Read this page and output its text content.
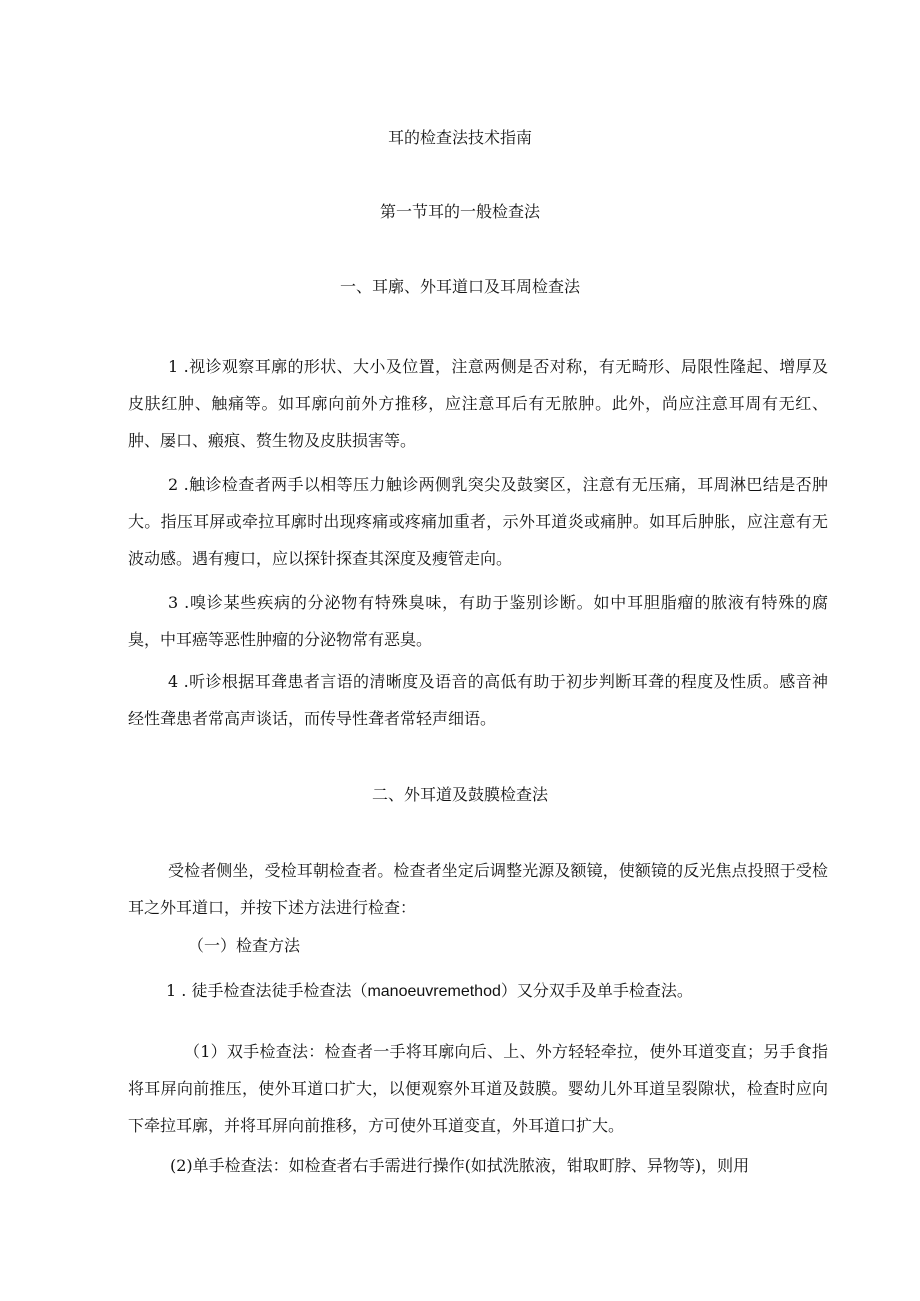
耳的检查法技术指南
第一节耳的一般检查法
一、耳廓、外耳道口及耳周检查法

1 .视诊观察耳廓的形状、大小及位置，注意两侧是否对称，有无畸形、局限性隆起、增厚及皮肤红肿、触痛等。如耳廓向前外方推移，应注意耳后有无脓肿。此外，尚应注意耳周有无红、肿、屡口、瘢痕、赘生物及皮肤损害等。

2 .触诊检查者两手以相等压力触诊两侧乳突尖及鼓窦区，注意有无压痛，耳周淋巴结是否肿大。指压耳屏或牵拉耳廓时出现疼痛或疼痛加重者，示外耳道炎或痛肿。如耳后肿胀，应注意有无波动感。遇有瘦口，应以探针探查其深度及瘦管走向。

3 .嗅诊某些疾病的分泌物有特殊臭味，有助于鉴别诊断。如中耳胆脂瘤的脓液有特殊的腐臭，中耳癌等恶性肿瘤的分泌物常有恶臭。

4 .听诊根据耳聋患者言语的清晰度及语音的高低有助于初步判断耳聋的程度及性质。感音神经性聋患者常高声谈话，而传导性聋者常轻声细语。

二、外耳道及鼓膜检查法

受检者侧坐，受检耳朝检查者。检查者坐定后调整光源及额镜，使额镜的反光焦点投照于受检耳之外耳道口，并按下述方法进行检查：

（一）检查方法
1 . 徒手检查法徒手检查法（manoeuvremethod）又分双手及单手检查法。

（1）双手检查法：检查者一手将耳廓向后、上、外方轻轻牵拉，使外耳道变直；另手食指将耳屏向前推压，使外耳道口扩大，以便观察外耳道及鼓膜。婴幼儿外耳道呈裂隙状，检查时应向下牵拉耳廓，并将耳屏向前推移，方可使外耳道变直，外耳道口扩大。

(2)单手检查法：如检查者右手需进行操作(如拭洗脓液，钳取町脖、异物等)，则用
